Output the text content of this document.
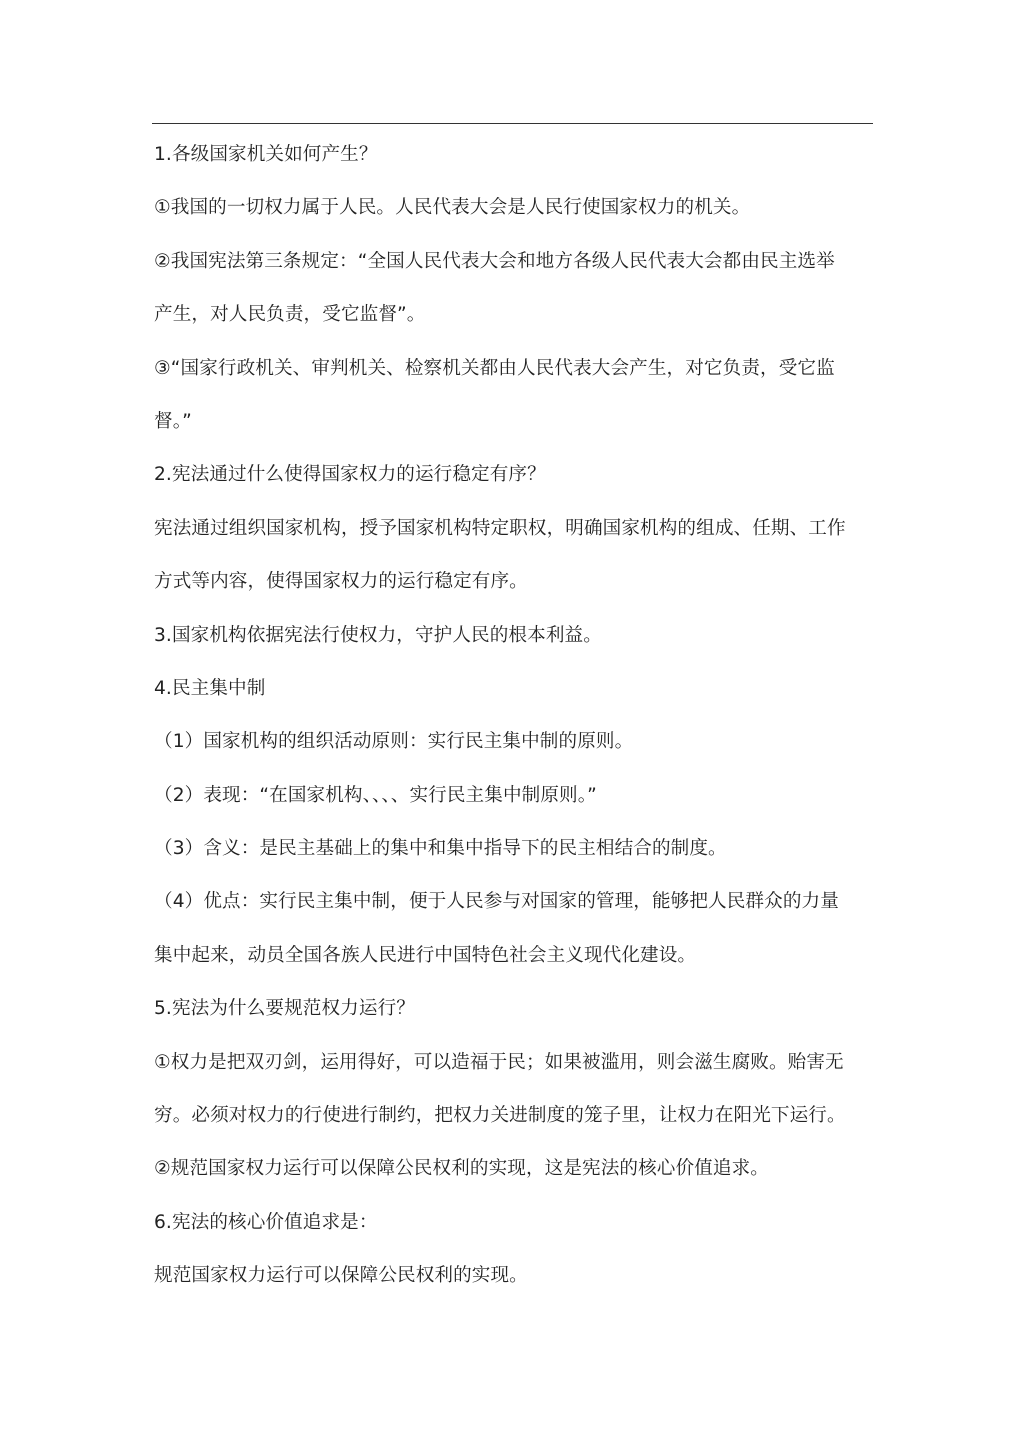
1.各级国家机关如何产生？
①我国的一切权力属于人民。人民代表大会是人民行使国家权力的机关。
②我国宪法第三条规定：“全国人民代表大会和地方各级人民代表大会都由民主选举
产生，对人民负责，受它监督”。
③“国家行政机关、审判机关、检察机关都由人民代表大会产生，对它负责，受它监
督。”
2.宪法通过什么使得国家权力的运行稳定有序？
宪法通过组织国家机构，授予国家机构特定职权，明确国家机构的组成、任期、工作
方式等内容，使得国家权力的运行稳定有序。
3.国家机构依据宪法行使权力，守护人民的根本利益。
4.民主集中制
（1）国家机构的组织活动原则：实行民主集中制的原则。
（2）表现：“在国家机构、、、、实行民主集中制原则。”
（3）含义：是民主基础上的集中和集中指导下的民主相结合的制度。
（4）优点：实行民主集中制，便于人民参与对国家的管理，能够把人民群众的力量
集中起来，动员全国各族人民进行中国特色社会主义现代化建设。
5.宪法为什么要规范权力运行？
①权力是把双刃剑，运用得好，可以造福于民；如果被滥用，则会滋生腐败。贻害无
穷。必须对权力的行使进行制约，把权力关进制度的笼子里，让权力在阳光下运行。
②规范国家权力运行可以保障公民权利的实现，这是宪法的核心价值追求。
6.宪法的核心价值追求是：
规范国家权力运行可以保障公民权利的实现。
